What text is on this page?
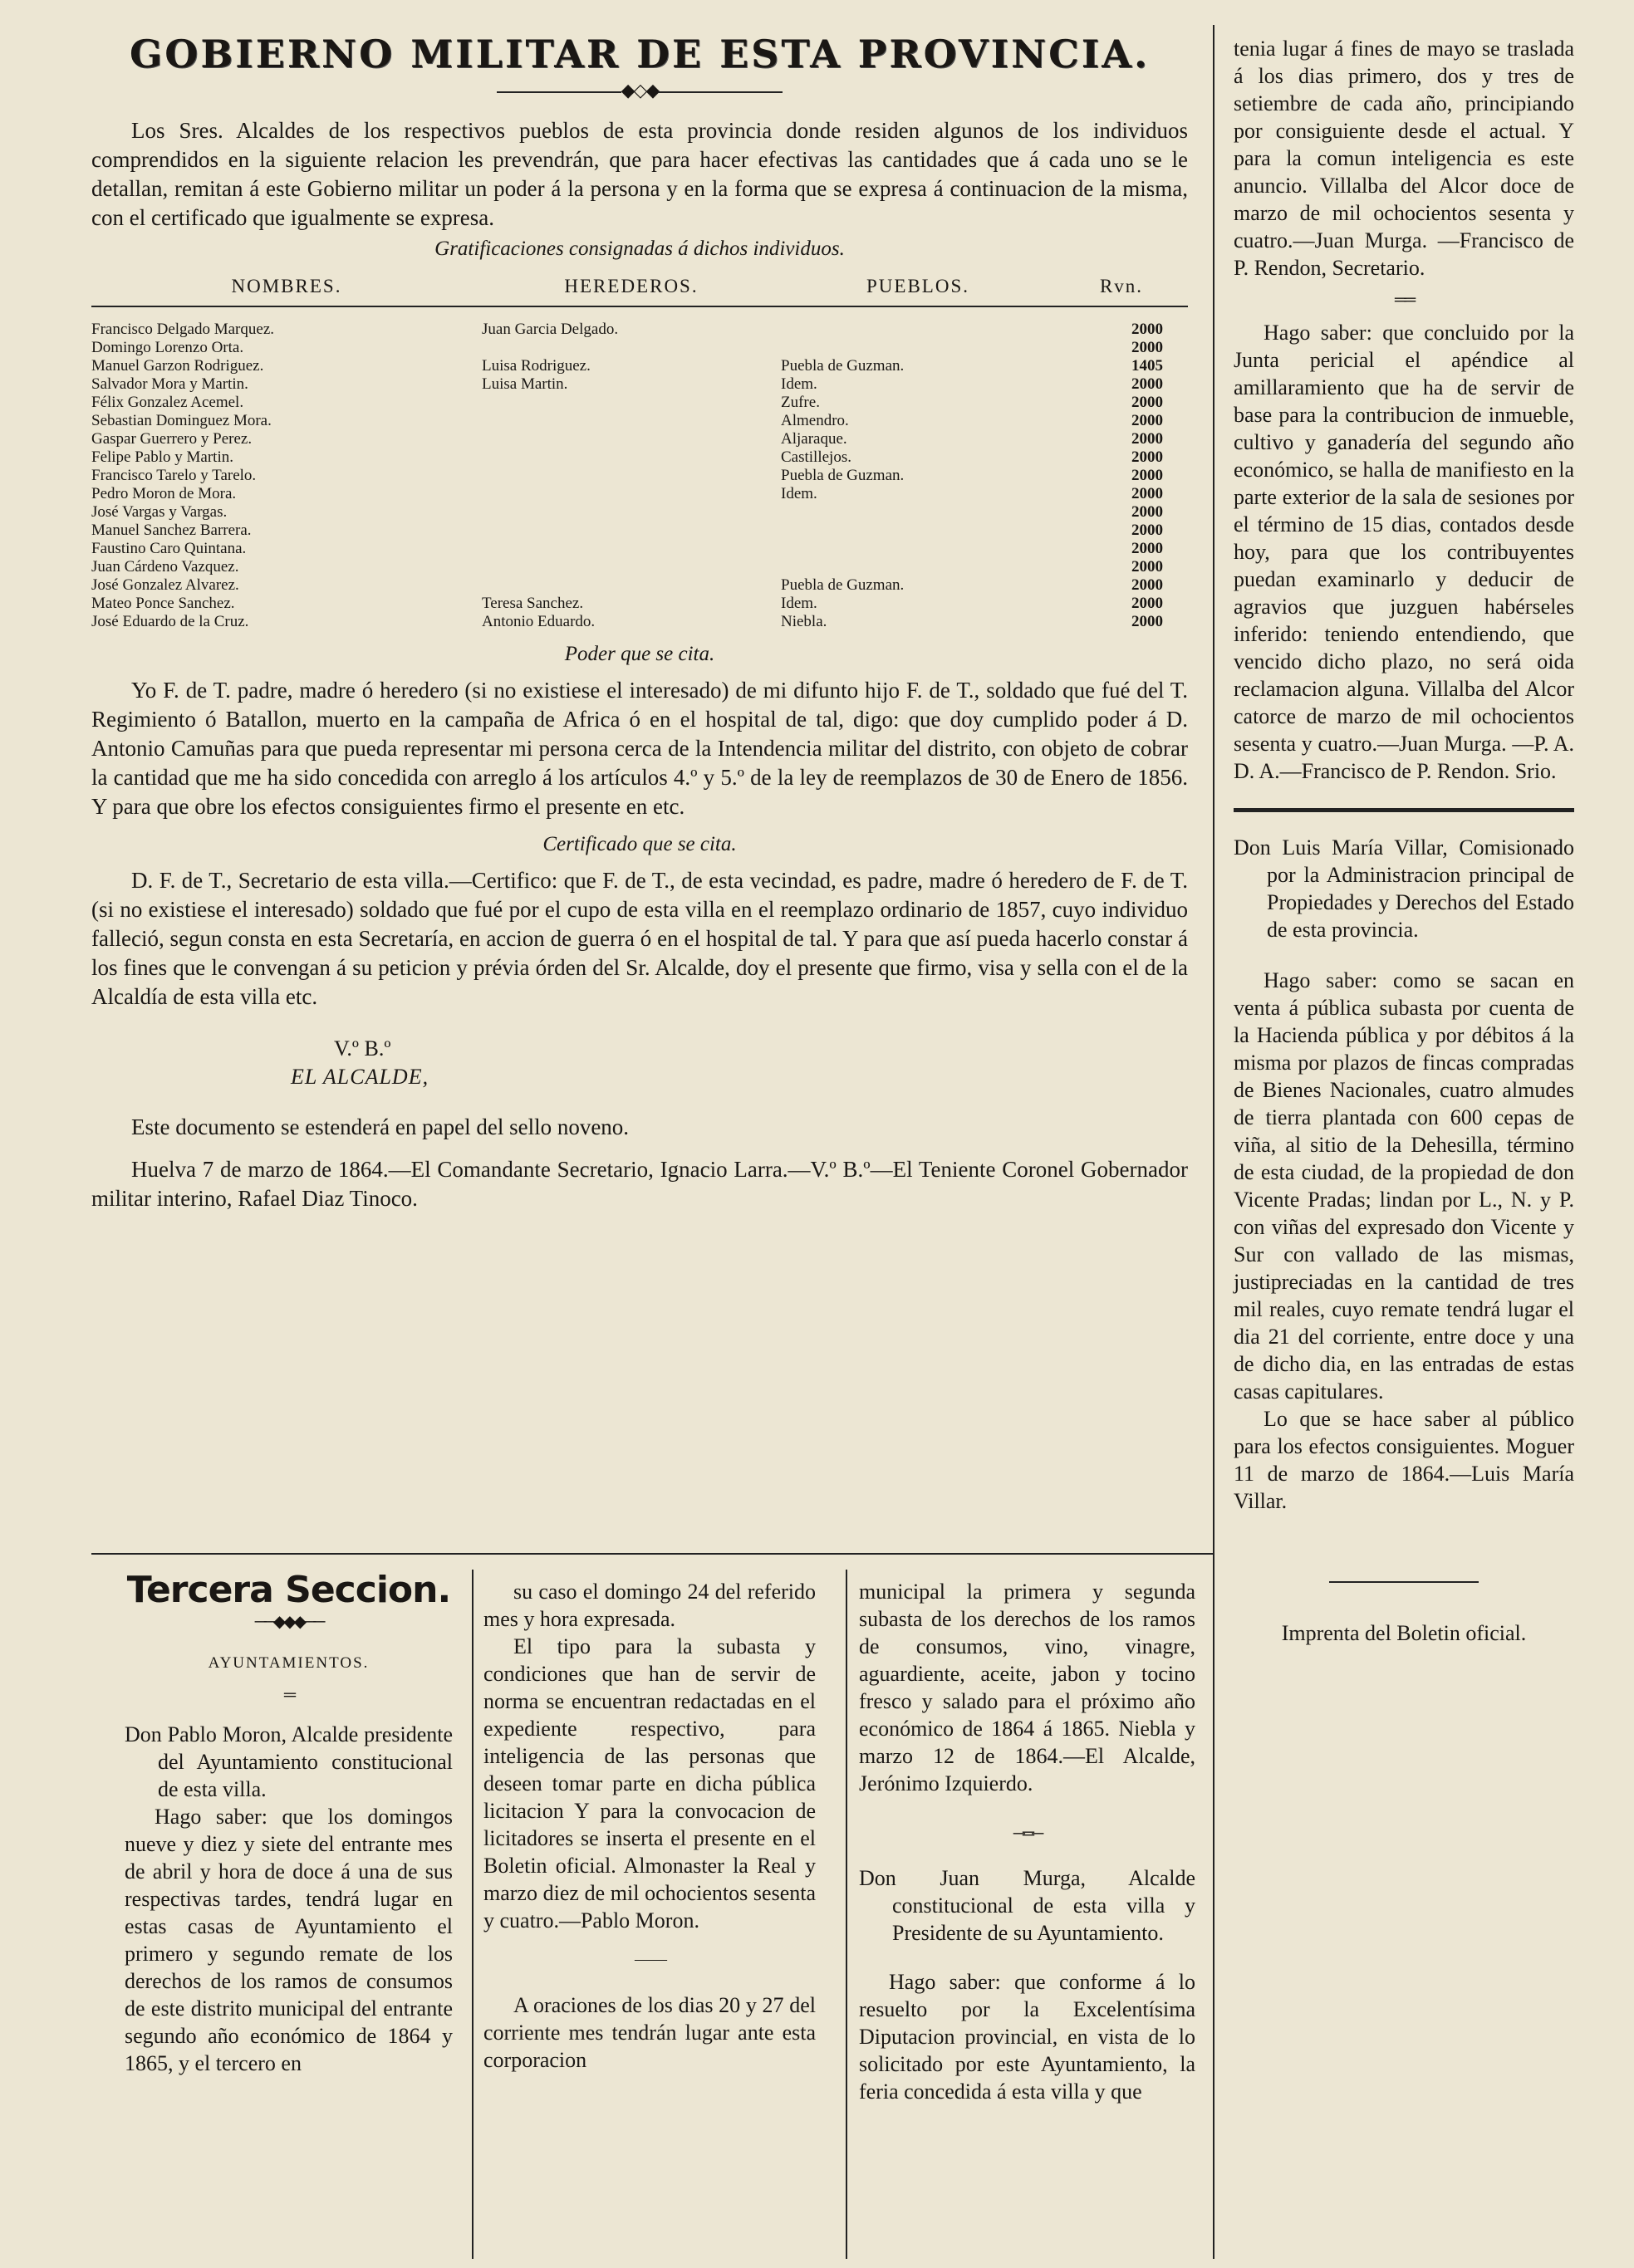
GOBIERNO MILITAR DE ESTA PROVINCIA.
◆◇◆

Los Sres. Alcaldes de los respectivos pueblos de esta provincia donde residen algunos de los individuos comprendidos en la siguiente relacion les prevendrán, que para hacer efectivas las cantidades que á cada uno se le detallan, remitan á este Gobierno militar un poder á la persona y en la forma que se expresa á continuacion de la misma, con el certificado que igualmente se expresa.

Gratificaciones consignadas á dichos individuos.
NOMBRES.	HEREDEROS.	PUEBLOS.	Rvn.

Francisco Delgado Marquez.	Juan Garcia Delgado.		2000
Domingo Lorenzo Orta.			2000
Manuel Garzon Rodriguez.	Luisa Rodriguez.	Puebla de Guzman.	1405
Salvador Mora y Martin.	Luisa Martin.	Idem.	2000
Félix Gonzalez Acemel.		Zufre.	2000
Sebastian Dominguez Mora.		Almendro.	2000
Gaspar Guerrero y Perez.		Aljaraque.	2000
Felipe Pablo y Martin.		Castillejos.	2000
Francisco Tarelo y Tarelo.		Puebla de Guzman.	2000
Pedro Moron de Mora.		Idem.	2000
José Vargas y Vargas.			2000
Manuel Sanchez Barrera.			2000
Faustino Caro Quintana.			2000
Juan Cárdeno Vazquez.			2000
José Gonzalez Alvarez.		Puebla de Guzman.	2000
Mateo Ponce Sanchez.	Teresa Sanchez.	Idem.	2000
José Eduardo de la Cruz.	Antonio Eduardo.	Niebla.	2000
Poder que se cita.

Yo F. de T. padre, madre ó heredero (si no existiese el interesado) de mi difunto hijo F. de T., soldado que fué del T. Regimiento ó Batallon, muerto en la campaña de Africa ó en el hospital de tal, digo: que doy cumplido poder á D. Antonio Camuñas para que pueda representar mi persona cerca de la Intendencia militar del distrito, con objeto de cobrar la cantidad que me ha sido concedida con arreglo á los artículos 4.º y 5.º de la ley de reemplazos de 30 de Enero de 1856. Y para que obre los efectos consiguientes firmo el presente en etc.

Certificado que se cita.

D. F. de T., Secretario de esta villa.—Certifico: que F. de T., de esta vecindad, es padre, madre ó heredero de F. de T. (si no existiese el interesado) soldado que fué por el cupo de esta villa en el reemplazo ordinario de 1857, cuyo individuo falleció, segun consta en esta Secretaría, en accion de guerra ó en el hospital de tal. Y para que así pueda hacerlo constar á los fines que le convengan á su peticion y prévia órden del Sr. Alcalde, doy el presente que firmo, visa y sella con el de la Alcaldía de esta villa etc.

V.º B.º
EL ALCALDE,

Este documento se estenderá en papel del sello noveno.

Huelva 7 de marzo de 1864.—El Comandante Secretario, Ignacio Larra.—V.º B.º—El Teniente Coronel Gobernador militar interino, Rafael Diaz Tinoco.

tenia lugar á fines de mayo se traslada á los dias primero, dos y tres de setiembre de cada año, principiando por consiguiente desde el actual. Y para la comun inteligencia es este anuncio. Villalba del Alcor doce de marzo de mil ochocientos sesenta y cuatro.—Juan Murga. —Francisco de P. Rendon, Secretario.

══

Hago saber: que concluido por la Junta pericial el apéndice al amillaramiento que ha de servir de base para la contribucion de inmueble, cultivo y ganadería del segundo año económico, se halla de manifiesto en la parte exterior de la sala de sesiones por el término de 15 dias, contados desde hoy, para que los contribuyentes puedan examinarlo y deducir de agravios que juzguen habérseles inferido: teniendo entendiendo, que vencido dicho plazo, no será oida reclamacion alguna. Villalba del Alcor catorce de marzo de mil ochocientos sesenta y cuatro.—Juan Murga. —P. A. D. A.—Francisco de P. Rendon. Srio.

Don Luis María Villar, Comisionado por la Administracion principal de Propiedades y Derechos del Estado de esta provincia.

Hago saber: como se sacan en venta á pública subasta por cuenta de la Hacienda pública y por débitos á la misma por plazos de fincas compradas de Bienes Nacionales, cuatro almudes de tierra plantada con 600 cepas de viña, al sitio de la Dehesilla, término de esta ciudad, de la propiedad de don Vicente Pradas; lindan por L., N. y P. con viñas del expresado don Vicente y Sur con vallado de las mismas, justipreciadas en la cantidad de tres mil reales, cuyo remate tendrá lugar el dia 21 del corriente, entre doce y una de dicho dia, en las entradas de estas casas capitulares.

Lo que se hace saber al público para los efectos consiguientes. Moguer 11 de marzo de 1864.—Luis María Villar.

Imprenta del Boletin oficial.

Tercera Seccion.
──◆◆◆──
AYUNTAMIENTOS.
═

Don Pablo Moron, Alcalde presidente del Ayuntamiento constitucional de esta villa.

Hago saber: que los domingos nueve y diez y siete del entrante mes de abril y hora de doce á una de sus respectivas tardes, tendrá lugar en estas casas de Ayuntamiento el primero y segundo remate de los derechos de los ramos de consumos de este distrito municipal del entrante segundo año económico de 1864 y 1865, y el tercero en

su caso el domingo 24 del referido mes y hora expresada.

El tipo para la subasta y condiciones que han de servir de norma se encuentran redactadas en el expediente respectivo, para inteligencia de las personas que deseen tomar parte en dicha pública licitacion Y para la convocacion de licitadores se inserta el presente en el Boletin oficial. Almonaster la Real y marzo diez de mil ochocientos sesenta y cuatro.—Pablo Moron.

— —

A oraciones de los dias 20 y 27 del corriente mes tendrán lugar ante esta corporacion

municipal la primera y segunda subasta de los derechos de los ramos de consumos, vino, vinagre, aguardiente, aceite, jabon y tocino fresco y salado para el próximo año económico de 1864 á 1865. Niebla y marzo 12 de 1864.—El Alcalde, Jerónimo Izquierdo.

─═─

Don Juan Murga, Alcalde constitucional de esta villa y Presidente de su Ayuntamiento.

Hago saber: que conforme á lo resuelto por la Excelentísima Diputacion provincial, en vista de lo solicitado por este Ayuntamiento, la feria concedida á esta villa y que
